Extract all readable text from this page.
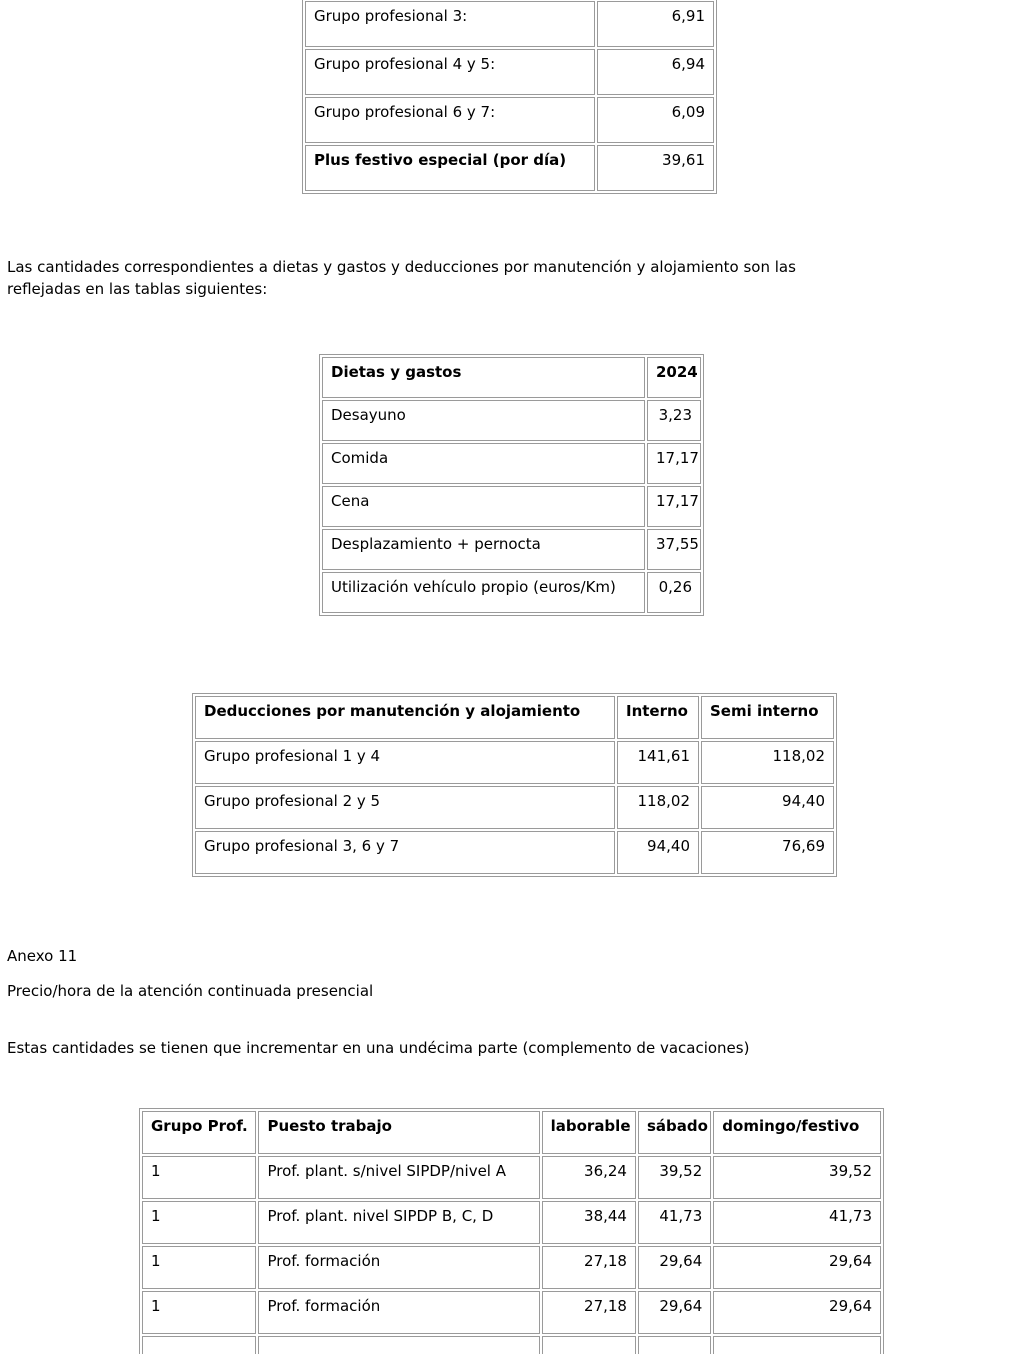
Grupo profesional 3:	6,91
Grupo profesional 4 y 5:	6,94
Grupo profesional 6 y 7:	6,09
Plus festivo especial (por día)	39,61
Las cantidades correspondientes a dietas y gastos y deducciones por manutención y alojamiento son las
reflejadas en las tablas siguientes:
Dietas y gastos	2024
Desayuno	3,23
Comida	17,17
Cena	17,17
Desplazamiento + pernocta	37,55
Utilización vehículo propio (euros/Km)	0,26
Deducciones por manutención y alojamiento	Interno	Semi interno
Grupo profesional 1 y 4	141,61	118,02
Grupo profesional 2 y 5	118,02	94,40
Grupo profesional 3, 6 y 7	94,40	76,69
Anexo 11
Precio/hora de la atención continuada presencial
Estas cantidades se tienen que incrementar en una undécima parte (complemento de vacaciones)
Grupo Prof.	Puesto trabajo	laborable	sábado	domingo/festivo
1	Prof. plant. s/nivel SIPDP/nivel A	36,24	39,52	39,52
1	Prof. plant. nivel SIPDP B, C, D	38,44	41,73	41,73
1	Prof. formación	27,18	29,64	29,64
1	Prof. formación	27,18	29,64	29,64
